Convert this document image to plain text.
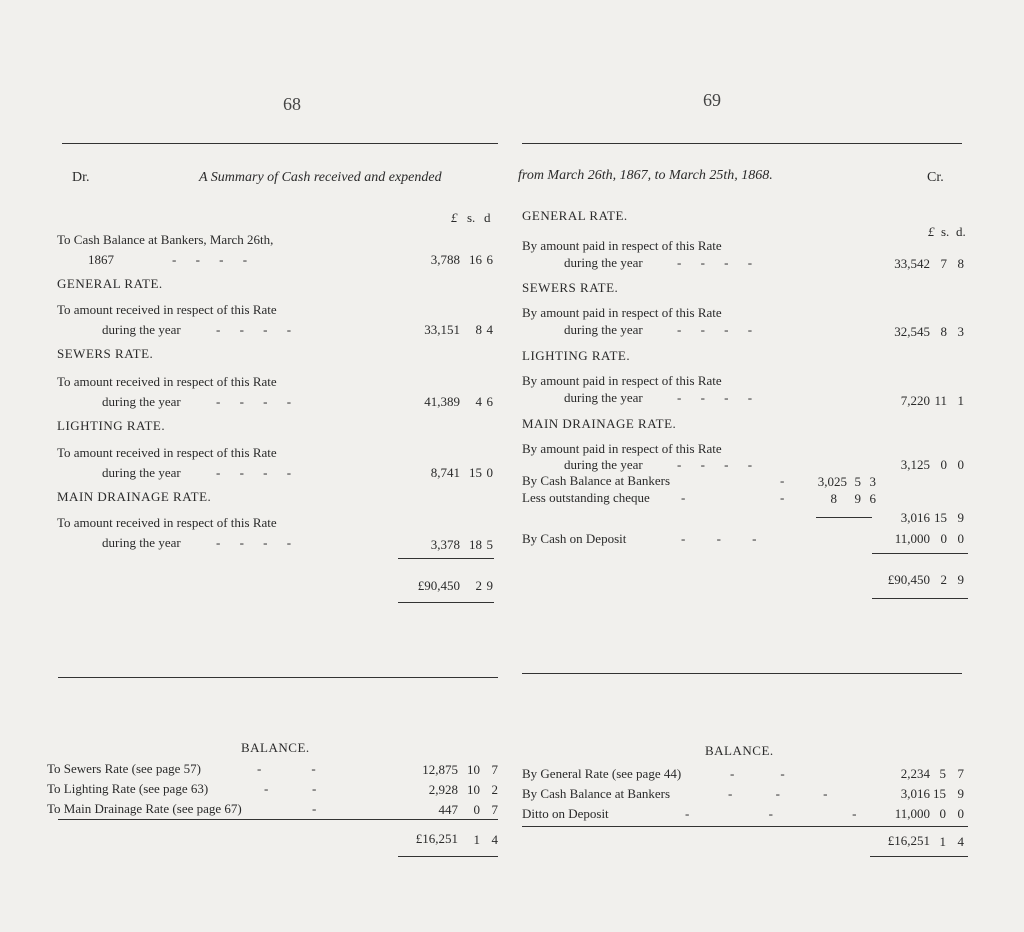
68	69
Dr.	A Summary of Cash received and expended	from March 26th, 1867, to March 25th, 1868.	Cr.
£ s. d
To Cash Balance at Bankers, March 26th,
1867	- - - -	3,788 16 6
GENERAL RATE.
To amount received in respect of this Rate
during the year	- - - -	33,151	8 4
SEWERS RATE.
To amount received in respect of this Rate
during the year	- - - -	41,389	4 6
LIGHTING RATE.
To amount received in respect of this Rate
during the year	- - - -	8,741 15 0
MAIN DRAINAGE RATE.
To amount received in respect of this Rate
during the year	- - - -	3,378 18 5
£90,450	2 9
GENERAL RATE.
£ s. d.
By amount paid in respect of this Rate
during the year	- - - -	33,542 7 8
SEWERS RATE.
By amount paid in respect of this Rate
during the year	- - - -	32,545 8 3
LIGHTING RATE.
By amount paid in respect of this Rate
during the year	- - - -	7,220 11 1
MAIN DRAINAGE RATE.
By amount paid in respect of this Rate
during the year	- - - -	3,125 0 0
By Cash Balance at Bankers	-	3,025 5 3
Less outstanding cheque -	-	8	9 6
3,016 15 9
By Cash on Deposit	- - -	11,000 0 0
£90,450 2 9
BALANCE.
To Sewers Rate (see page 57)	--	12,875 10 7
To Lighting Rate (see page 63)	-	-	2,928 10 2
To Main Drainage Rate (see page 67)	-	447	0 7
£16,251	1 4
BALANCE.
By General Rate (see page 44)	--	2,234 5 7
By Cash Balance at Bankers	- - -	3,016 15 9
Ditto on Deposit	- - - 11,000 0 0
£16,251 1 4
